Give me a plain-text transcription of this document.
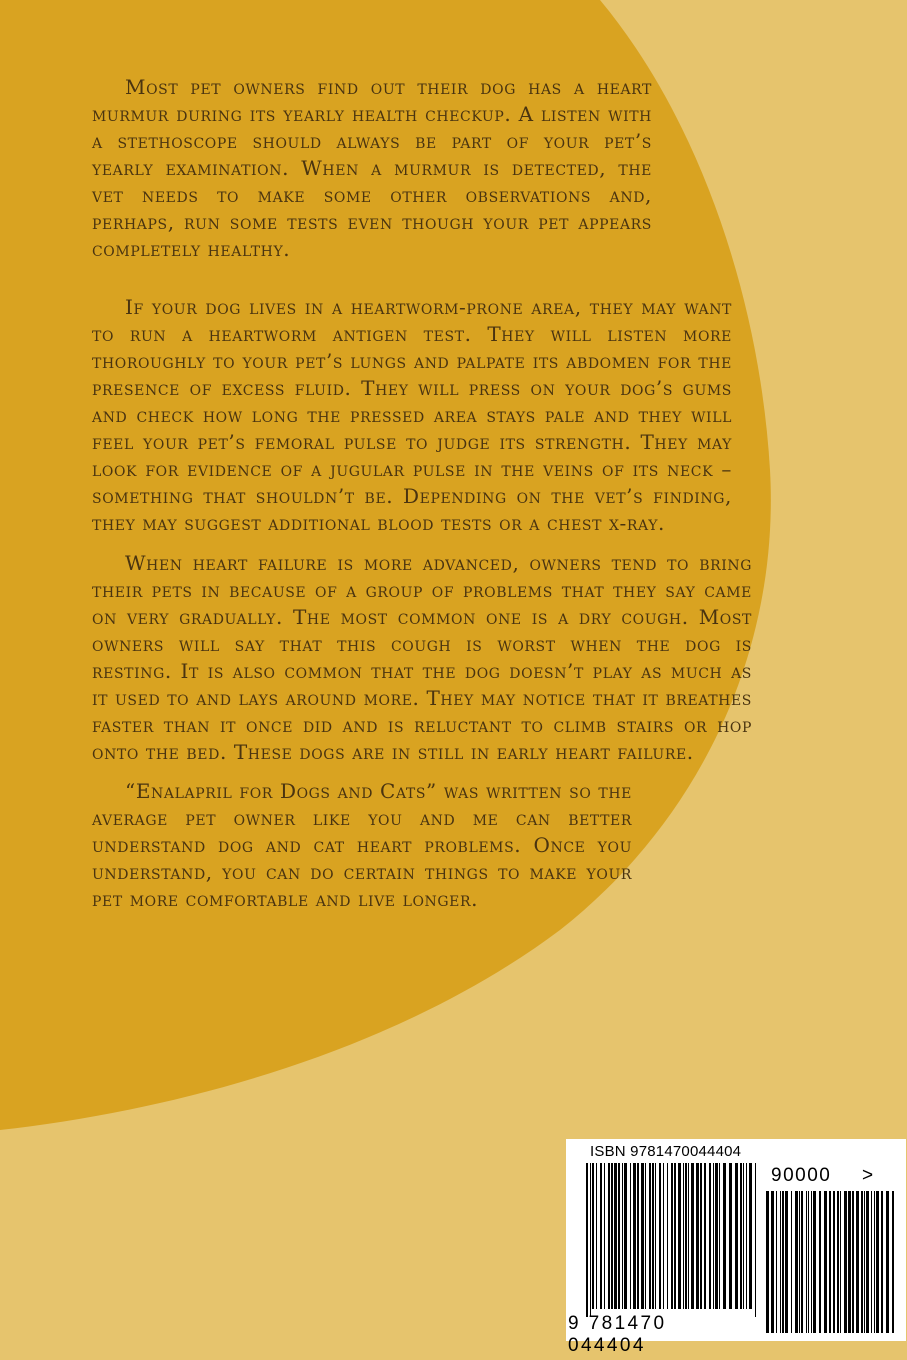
Most pet owners find out their dog has a heart murmur during its yearly health checkup. A listen with a stethoscope should always be part of your pet’s yearly examination. When a murmur is detected, the vet needs to make some other observations and, perhaps, run some tests even though your pet appears completely healthy.

If your dog lives in a heartworm-prone area, they may want to run a heartworm antigen test. They will listen more thoroughly to your pet’s lungs and palpate its abdomen for the presence of excess fluid. They will press on your dog’s gums and check how long the pressed area stays pale and they will feel your pet’s femoral pulse to judge its strength. They may look for evidence of a jugular pulse in the veins of its neck – something that shouldn’t be. Depending on the vet’s finding, they may suggest additional blood tests or a chest x-ray.

When heart failure is more advanced, owners tend to bring their pets in because of a group of problems that they say came on very gradually. The most common one is a dry cough. Most owners will say that this cough is worst when the dog is resting. It is also common that the dog doesn’t play as much as it used to and lays around more. They may notice that it breathes faster than it once did and is reluctant to climb stairs or hop onto the bed. These dogs are in still in early heart failure.

“Enalapril for Dogs and Cats” was written so the average pet owner like you and me can better understand dog and cat heart problems. Once you understand, you can do certain things to make your pet more comfortable and live longer.

ISBN 9781470044404
90000 >
9 781470 044404
